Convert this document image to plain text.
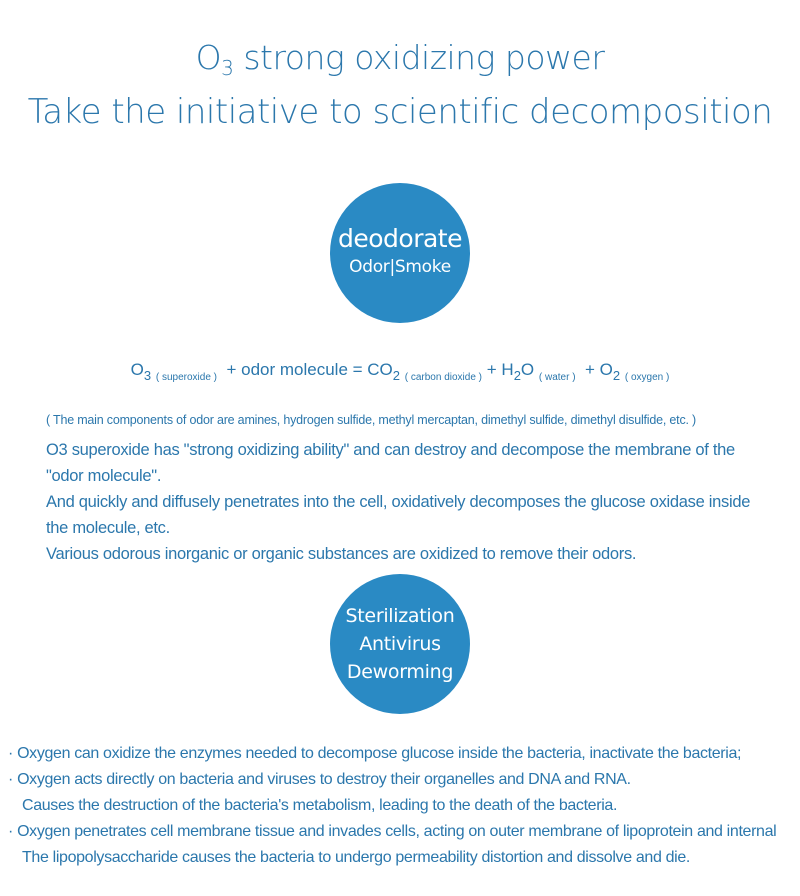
$O_3$ strong oxidizing power
Take the initiative to scientific decomposition
deodorate
Odor|Smoke
$O_3$ $_{( superoxide )}$ + odor molecule = $CO_2$ $_{( carbon dioxide )} + H_2O$ $_{( water )} + O_2$ $_{( oxygen )}$
( The main components of odor are amines, hydrogen sulfide, methyl mercaptan, dimethyl sulfide, dimethyl disulfide, etc. )
O3 superoxide has "strong oxidizing ability" and can destroy and decompose the membrane of the
"odor molecule".
And quickly and diffusely penetrates into the cell, oxidatively decomposes the glucose oxidase inside
the molecule, etc.
Various odorous inorganic or organic substances are oxidized to remove their odors.
Sterilization
Antivirus
Deworming
· Oxygen can oxidize the enzymes needed to decompose glucose inside the bacteria, inactivate the bacteria;
· Oxygen acts directly on bacteria and viruses to destroy their organelles and DNA and RNA.
Causes the destruction of the bacteria's metabolism, leading to the death of the bacteria.
· Oxygen penetrates cell membrane tissue and invades cells, acting on outer membrane of lipoprotein and internal
The lipopolysaccharide causes the bacteria to undergo permeability distortion and dissolve and die.
